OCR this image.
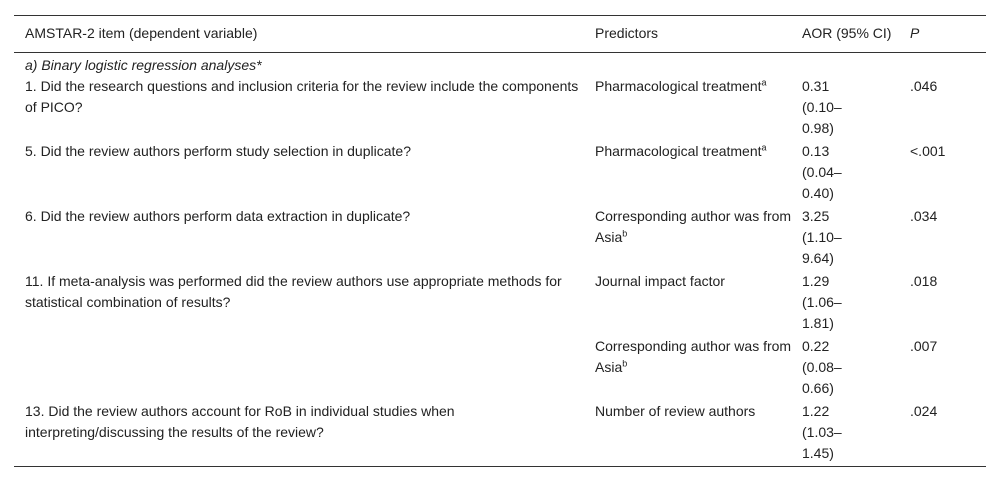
AMSTAR-2 item (dependent variable)	Predictors	AOR (95% CI)	P
a) Binary logistic regression analyses*			
1. Did the research questions and inclusion criteria for the review include the components of PICO?	Pharmacological treatment$^a$	0.31 (0.10–0.98)	.046
5. Did the review authors perform study selection in duplicate?	Pharmacological treatment$^a$	0.13 (0.04–0.40)	<.001
6. Did the review authors perform data extraction in duplicate?	Corresponding author was from Asia$^b$	3.25 (1.10–9.64)	.034
11. If meta-analysis was performed did the review authors use appropriate methods for statistical combination of results?	Journal impact factor	1.29 (1.06–1.81)	.018
	Corresponding author was from Asia$^b$	0.22 (0.08–0.66)	.007
13. Did the review authors account for RoB in individual studies when interpreting/discussing the results of the review?	Number of review authors	1.22 (1.03–1.45)	.024
